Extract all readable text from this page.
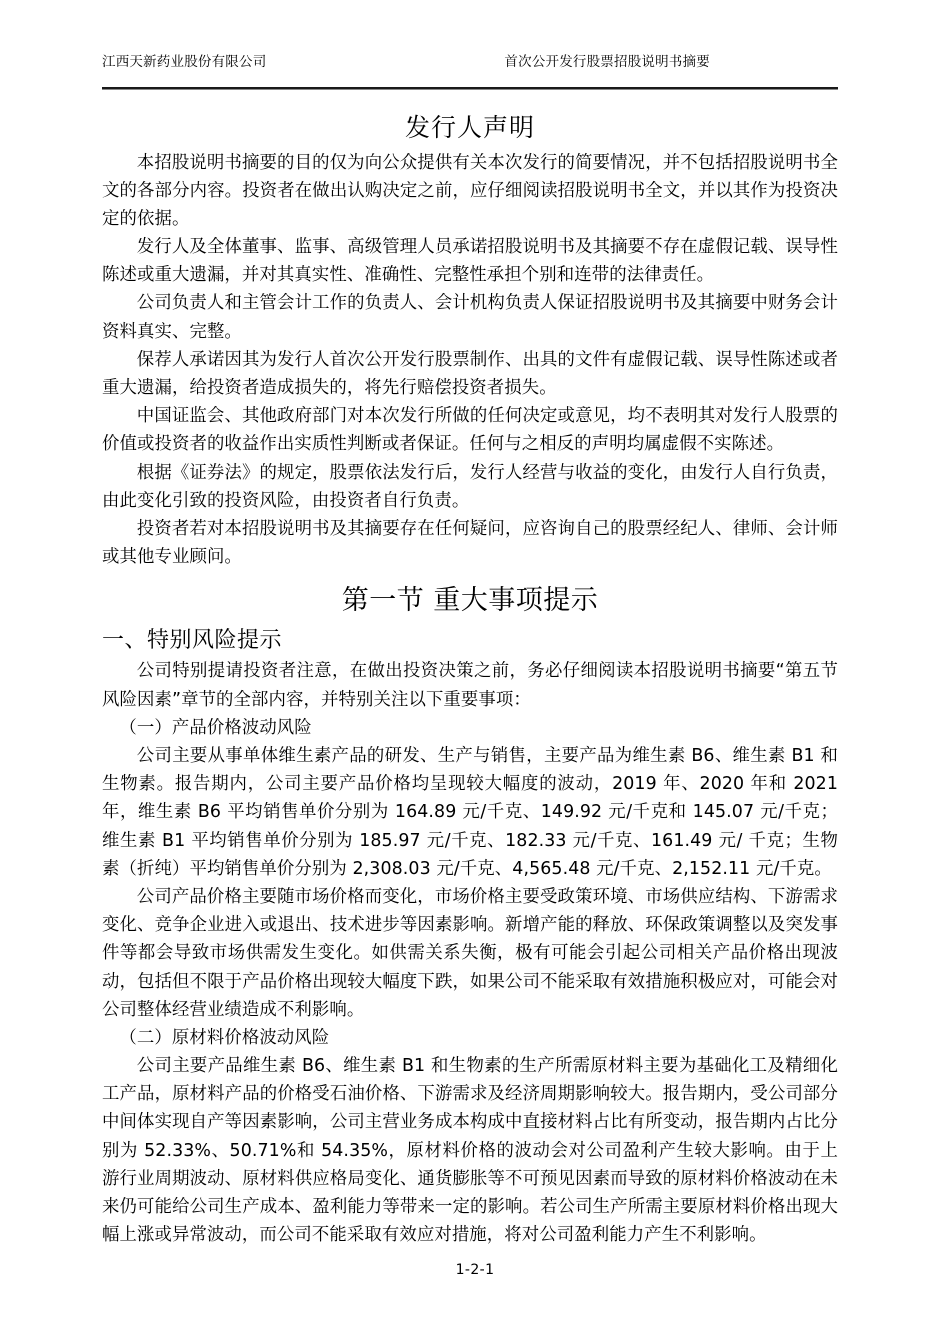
江西天新药业股份有限公司	首次公开发行股票招股说明书摘要
发行人声明

本招股说明书摘要的目的仅为向公众提供有关本次发行的简要情况，并不包括招股说明书全文的各部分内容。投资者在做出认购决定之前，应仔细阅读招股说明书全文，并以其作为投资决定的依据。

发行人及全体董事、监事、高级管理人员承诺招股说明书及其摘要不存在虚假记载、误导性陈述或重大遗漏，并对其真实性、准确性、完整性承担个别和连带的法律责任。

公司负责人和主管会计工作的负责人、会计机构负责人保证招股说明书及其摘要中财务会计资料真实、完整。

保荐人承诺因其为发行人首次公开发行股票制作、出具的文件有虚假记载、误导性陈述或者重大遗漏，给投资者造成损失的，将先行赔偿投资者损失。

中国证监会、其他政府部门对本次发行所做的任何决定或意见，均不表明其对发行人股票的价值或投资者的收益作出实质性判断或者保证。任何与之相反的声明均属虚假不实陈述。

根据《证券法》的规定，股票依法发行后，发行人经营与收益的变化，由发行人自行负责，由此变化引致的投资风险，由投资者自行负责。

投资者若对本招股说明书及其摘要存在任何疑问，应咨询自己的股票经纪人、律师、会计师或其他专业顾问。

第一节 重大事项提示
一、特别风险提示

公司特别提请投资者注意，在做出投资决策之前，务必仔细阅读本招股说明书摘要“第五节 风险因素”章节的全部内容，并特别关注以下重要事项：

（一）产品价格波动风险

公司主要从事单体维生素产品的研发、生产与销售，主要产品为维生素 B6、维生素 B1 和生物素。报告期内，公司主要产品价格均呈现较大幅度的波动，2019 年、2020 年和 2021 年，维生素 B6 平均销售单价分别为 164.89 元/千克、149.92 元/千克和 145.07 元/千克；维生素 B1 平均销售单价分别为 185.97 元/千克、182.33 元/千克、161.49 元/ 千克；生物素（折纯）平均销售单价分别为 2,308.03 元/千克、4,565.48 元/千克、2,152.11 元/千克。

公司产品价格主要随市场价格而变化，市场价格主要受政策环境、市场供应结构、下游需求变化、竞争企业进入或退出、技术进步等因素影响。新增产能的释放、环保政策调整以及突发事件等都会导致市场供需发生变化。如供需关系失衡，极有可能会引起公司相关产品价格出现波动，包括但不限于产品价格出现较大幅度下跌，如果公司不能采取有效措施积极应对，可能会对公司整体经营业绩造成不利影响。

（二）原材料价格波动风险

公司主要产品维生素 B6、维生素 B1 和生物素的生产所需原材料主要为基础化工及精细化工产品，原材料产品的价格受石油价格、下游需求及经济周期影响较大。报告期内，受公司部分中间体实现自产等因素影响，公司主营业务成本构成中直接材料占比有所变动，报告期内占比分别为 52.33%、50.71%和 54.35%，原材料价格的波动会对公司盈利产生较大影响。由于上游行业周期波动、原材料供应格局变化、通货膨胀等不可预见因素而导致的原材料价格波动在未来仍可能给公司生产成本、盈利能力等带来一定的影响。若公司生产所需主要原材料价格出现大幅上涨或异常波动，而公司不能采取有效应对措施，将对公司盈利能力产生不利影响。

1-2-1
